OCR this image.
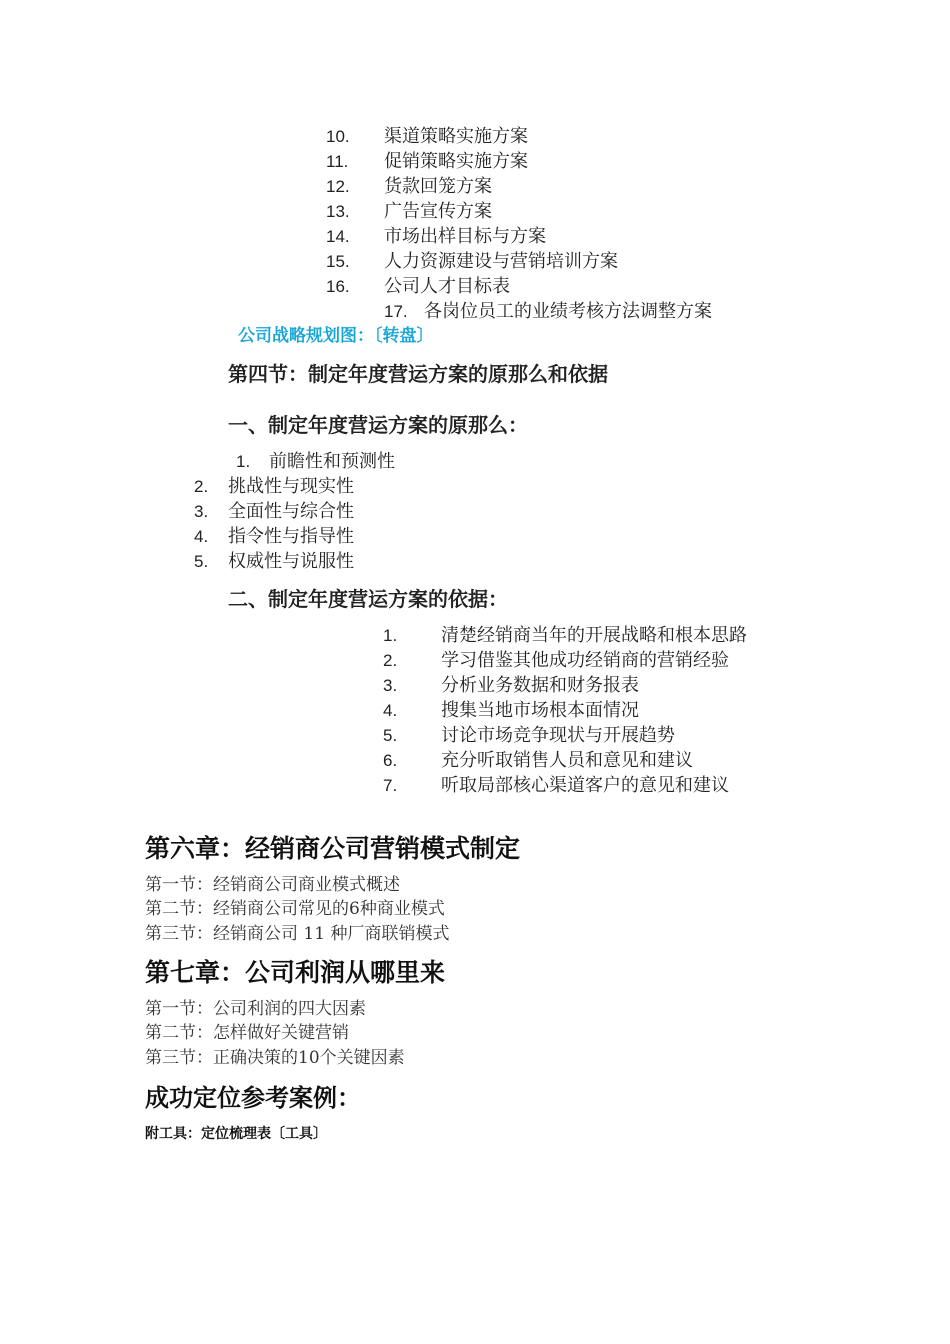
10. 渠道策略实施方案
11. 促销策略实施方案
12. 货款回笼方案
13. 广告宣传方案
14. 市场出样目标与方案
15. 人力资源建设与营销培训方案
16. 公司人才目标表
17. 各岗位员工的业绩考核方法调整方案
公司战略规划图：〔转盘〕
第四节：制定年度营运方案的原那么和依据
一、制定年度营运方案的原那么：
1. 前瞻性和预测性
2. 挑战性与现实性
3. 全面性与综合性
4. 指令性与指导性
5. 权威性与说服性
二、制定年度营运方案的依据：
1. 清楚经销商当年的开展战略和根本思路
2. 学习借鉴其他成功经销商的营销经验
3. 分析业务数据和财务报表
4. 搜集当地市场根本面情况
5. 讨论市场竞争现状与开展趋势
6. 充分听取销售人员和意见和建议
7. 听取局部核心渠道客户的意见和建议
第六章：经销商公司营销模式制定
第一节：经销商公司商业模式概述
第二节：经销商公司常见的6种商业模式
第三节：经销商公司 11 种厂商联销模式
第七章：公司利润从哪里来
第一节：公司利润的四大因素
第二节：怎样做好关键营销
第三节：正确决策的10个关键因素
成功定位参考案例：
附工具：定位梳理表〔工具〕
